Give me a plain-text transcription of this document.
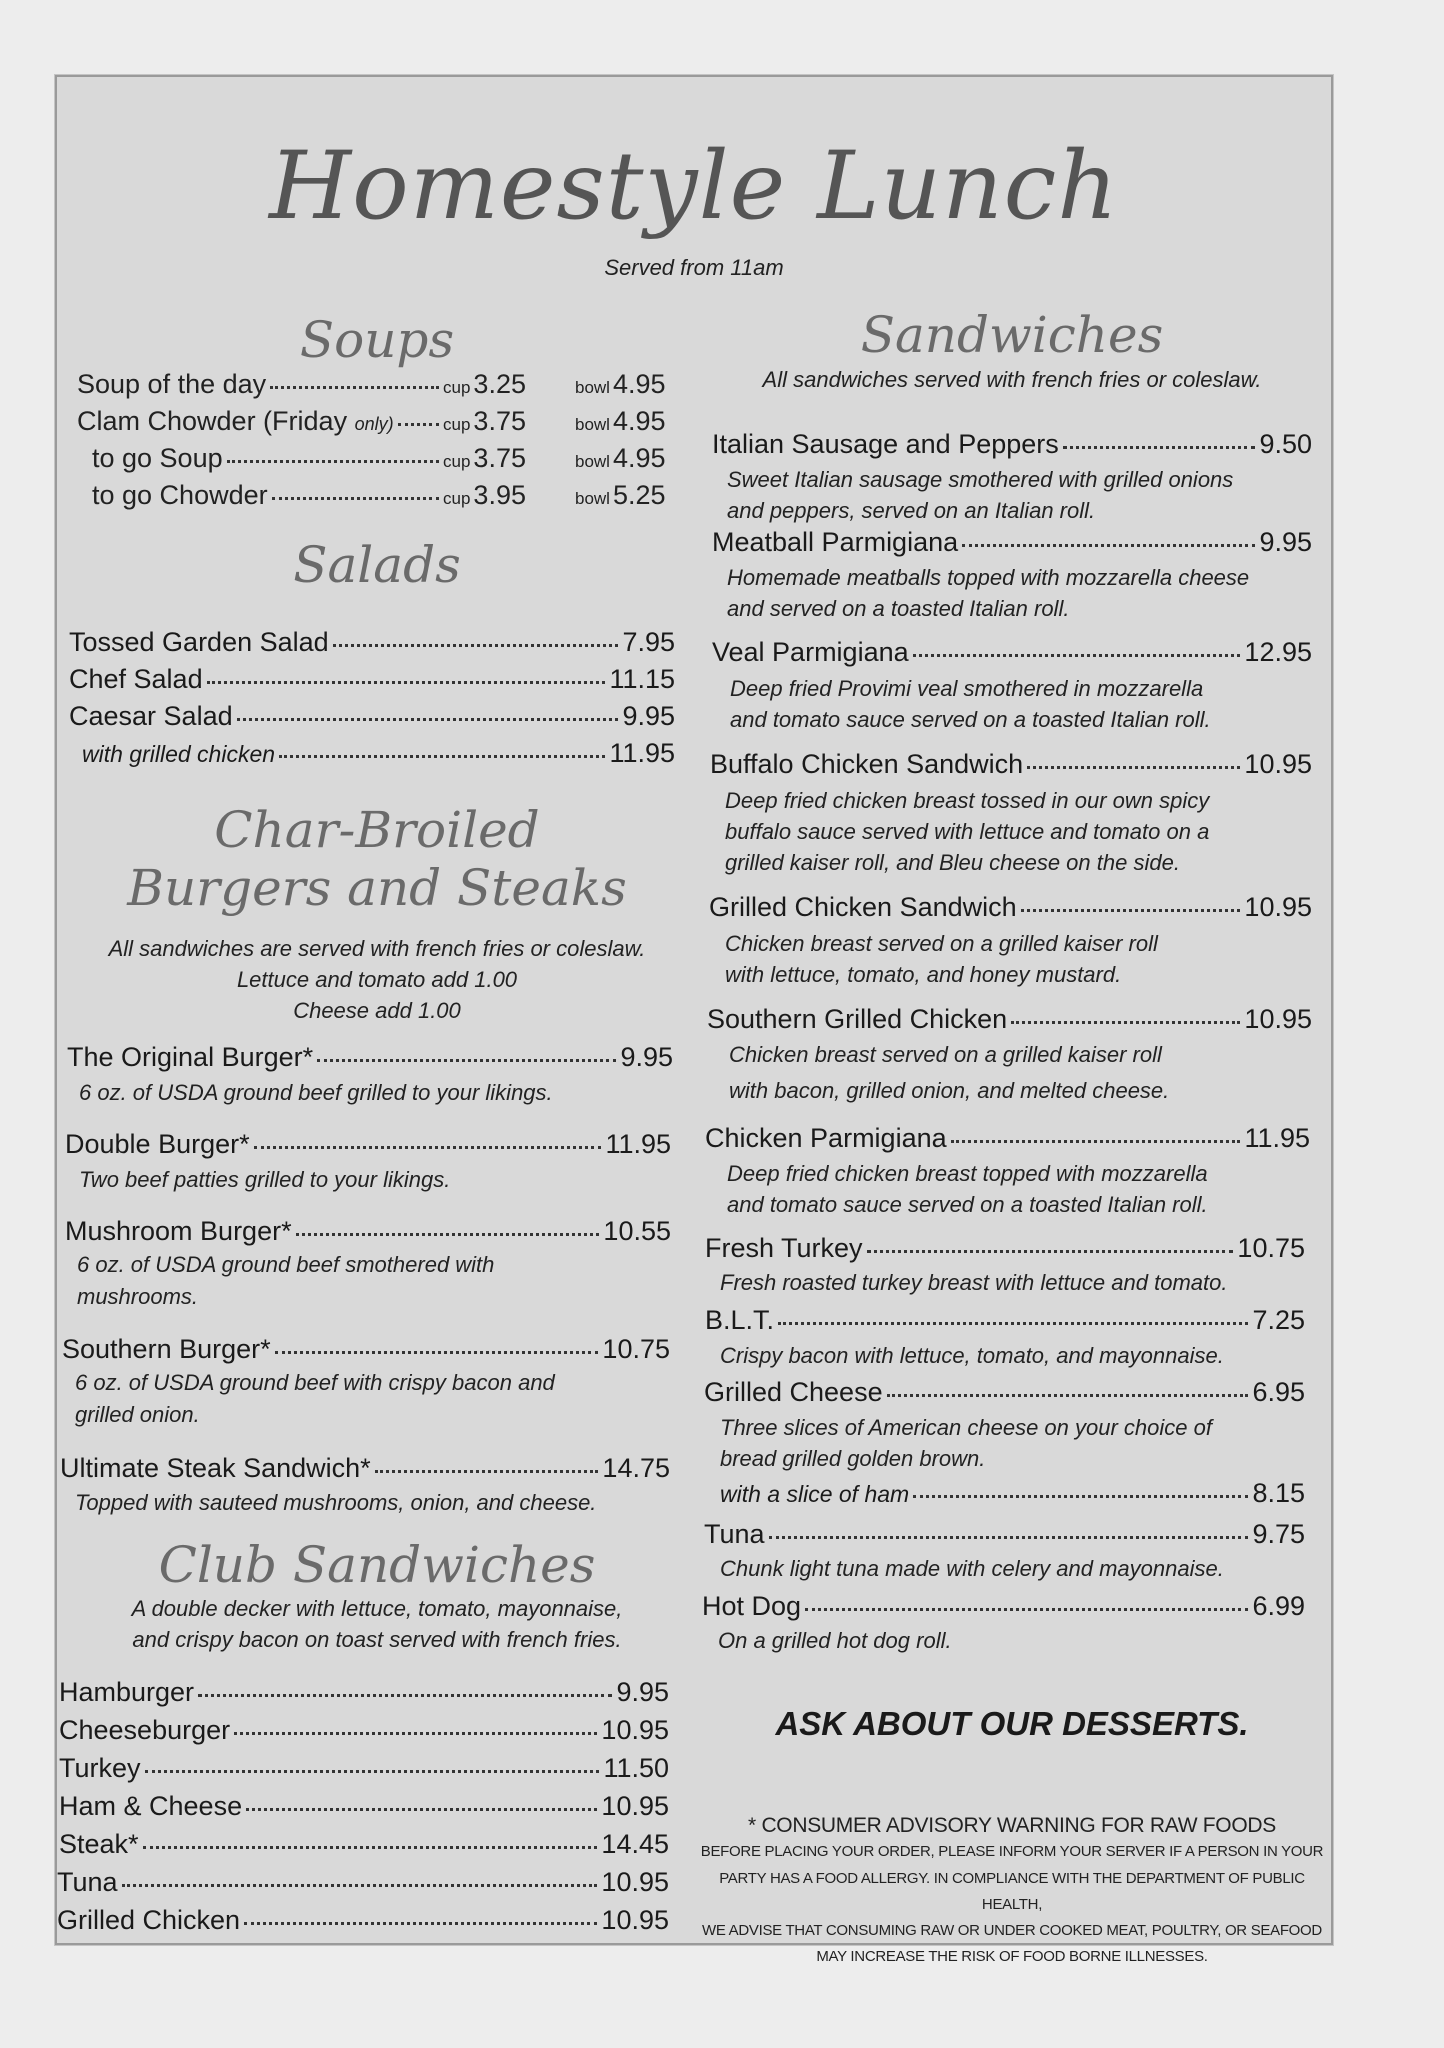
Homestyle Lunch
Served from 11am
Soups
Soup of the day	cup 3.25	bowl 4.95
Clam Chowder (Friday only)	cup 3.75	bowl 4.95
to go Soup	cup 3.75	bowl 4.95
to go Chowder	cup 3.95	bowl 5.25
Salads
Tossed Garden Salad	7.95
Chef Salad	11.15
Caesar Salad	9.95
with grilled chicken	11.95
Char-Broiled
Burgers and Steaks
All sandwiches are served with french fries or coleslaw.
Lettuce and tomato add 1.00
Cheese add 1.00
The Original Burger*	9.95
6 oz. of USDA ground beef grilled to your likings.
Double Burger*	11.95
Two beef patties grilled to your likings.
Mushroom Burger*	10.55
6 oz. of USDA ground beef smothered with
mushrooms.
Southern Burger*	10.75
6 oz. of USDA ground beef with crispy bacon and
grilled onion.
Ultimate Steak Sandwich*	14.75
Topped with sauteed mushrooms, onion, and cheese.
Club Sandwiches
A double decker with lettuce, tomato, mayonnaise,
and crispy bacon on toast served with french fries.
Hamburger	9.95
Cheeseburger	10.95
Turkey	11.50
Ham & Cheese	10.95
Steak*	14.45
Tuna	10.95
Grilled Chicken	10.95
Sandwiches
All sandwiches served with french fries or coleslaw.
Italian Sausage and Peppers	9.50
Sweet Italian sausage smothered with grilled onions
and peppers, served on an Italian roll.
Meatball Parmigiana	9.95
Homemade meatballs topped with mozzarella cheese
and served on a toasted Italian roll.
Veal Parmigiana	12.95
Deep fried Provimi veal smothered in mozzarella
and tomato sauce served on a toasted Italian roll.
Buffalo Chicken Sandwich	10.95
Deep fried chicken breast tossed in our own spicy
buffalo sauce served with lettuce and tomato on a
grilled kaiser roll, and Bleu cheese on the side.
Grilled Chicken Sandwich	10.95
Chicken breast served on a grilled kaiser roll
with lettuce, tomato, and honey mustard.
Southern Grilled Chicken	10.95
Chicken breast served on a grilled kaiser roll
with bacon, grilled onion, and melted cheese.
Chicken Parmigiana	11.95
Deep fried chicken breast topped with mozzarella
and tomato sauce served on a toasted Italian roll.
Fresh Turkey	10.75
Fresh roasted turkey breast with lettuce and tomato.
B.L.T.	7.25
Crispy bacon with lettuce, tomato, and mayonnaise.
Grilled Cheese	6.95
Three slices of American cheese on your choice of
bread grilled golden brown.
with a slice of ham	8.15
Tuna	9.75
Chunk light tuna made with celery and mayonnaise.
Hot Dog	6.99
On a grilled hot dog roll.
ASK ABOUT OUR DESSERTS.
* CONSUMER ADVISORY WARNING FOR RAW FOODS
BEFORE PLACING YOUR ORDER, PLEASE INFORM YOUR SERVER IF A PERSON IN YOUR
PARTY HAS A FOOD ALLERGY. IN COMPLIANCE WITH THE DEPARTMENT OF PUBLIC HEALTH,
WE ADVISE THAT CONSUMING RAW OR UNDER COOKED MEAT, POULTRY, OR SEAFOOD
MAY INCREASE THE RISK OF FOOD BORNE ILLNESSES.
